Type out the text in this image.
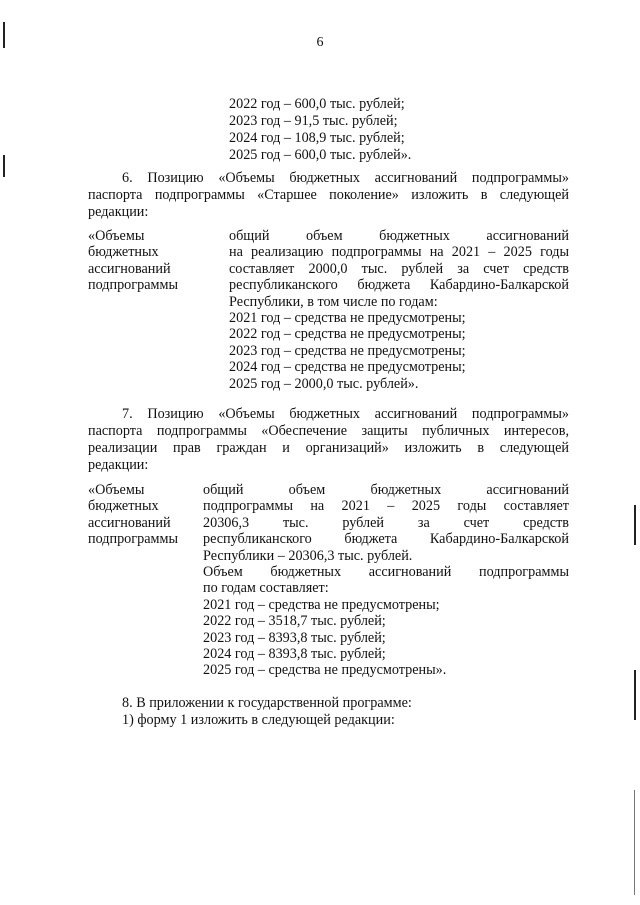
6
2022 год – 600,0 тыс. рублей;
2023 год – 91,5 тыс. рублей;
2024 год – 108,9 тыс. рублей;
2025 год – 600,0 тыс. рублей».
6. Позицию «Объемы бюджетных ассигнований подпрограммы»
паспорта подпрограммы «Старшее поколение» изложить в следующей
редакции:
«Объемы
бюджетных
ассигнований
подпрограммы
общий объем бюджетных ассигнований
на реализацию подпрограммы на 2021 – 2025 годы
составляет 2000,0 тыс. рублей за счет средств
республиканского бюджета Кабардино-Балкарской
Республики, в том числе по годам:
2021 год – средства не предусмотрены;
2022 год – средства не предусмотрены;
2023 год – средства не предусмотрены;
2024 год – средства не предусмотрены;
2025 год – 2000,0 тыс. рублей».
7. Позицию «Объемы бюджетных ассигнований подпрограммы»
паспорта подпрограммы «Обеспечение защиты публичных интересов,
реализации прав граждан и организаций» изложить в следующей
редакции:
«Объемы
бюджетных
ассигнований
подпрограммы
общий объем бюджетных ассигнований
подпрограммы на 2021 – 2025 годы составляет
20306,3 тыс. рублей за счет средств
республиканского бюджета Кабардино-Балкарской
Республики – 20306,3 тыс. рублей.
Объем бюджетных ассигнований подпрограммы
по годам составляет:
2021 год – средства не предусмотрены;
2022 год – 3518,7 тыс. рублей;
2023 год – 8393,8 тыс. рублей;
2024 год – 8393,8 тыс. рублей;
2025 год – средства не предусмотрены».
8. В приложении к государственной программе:
1) форму 1 изложить в следующей редакции:
